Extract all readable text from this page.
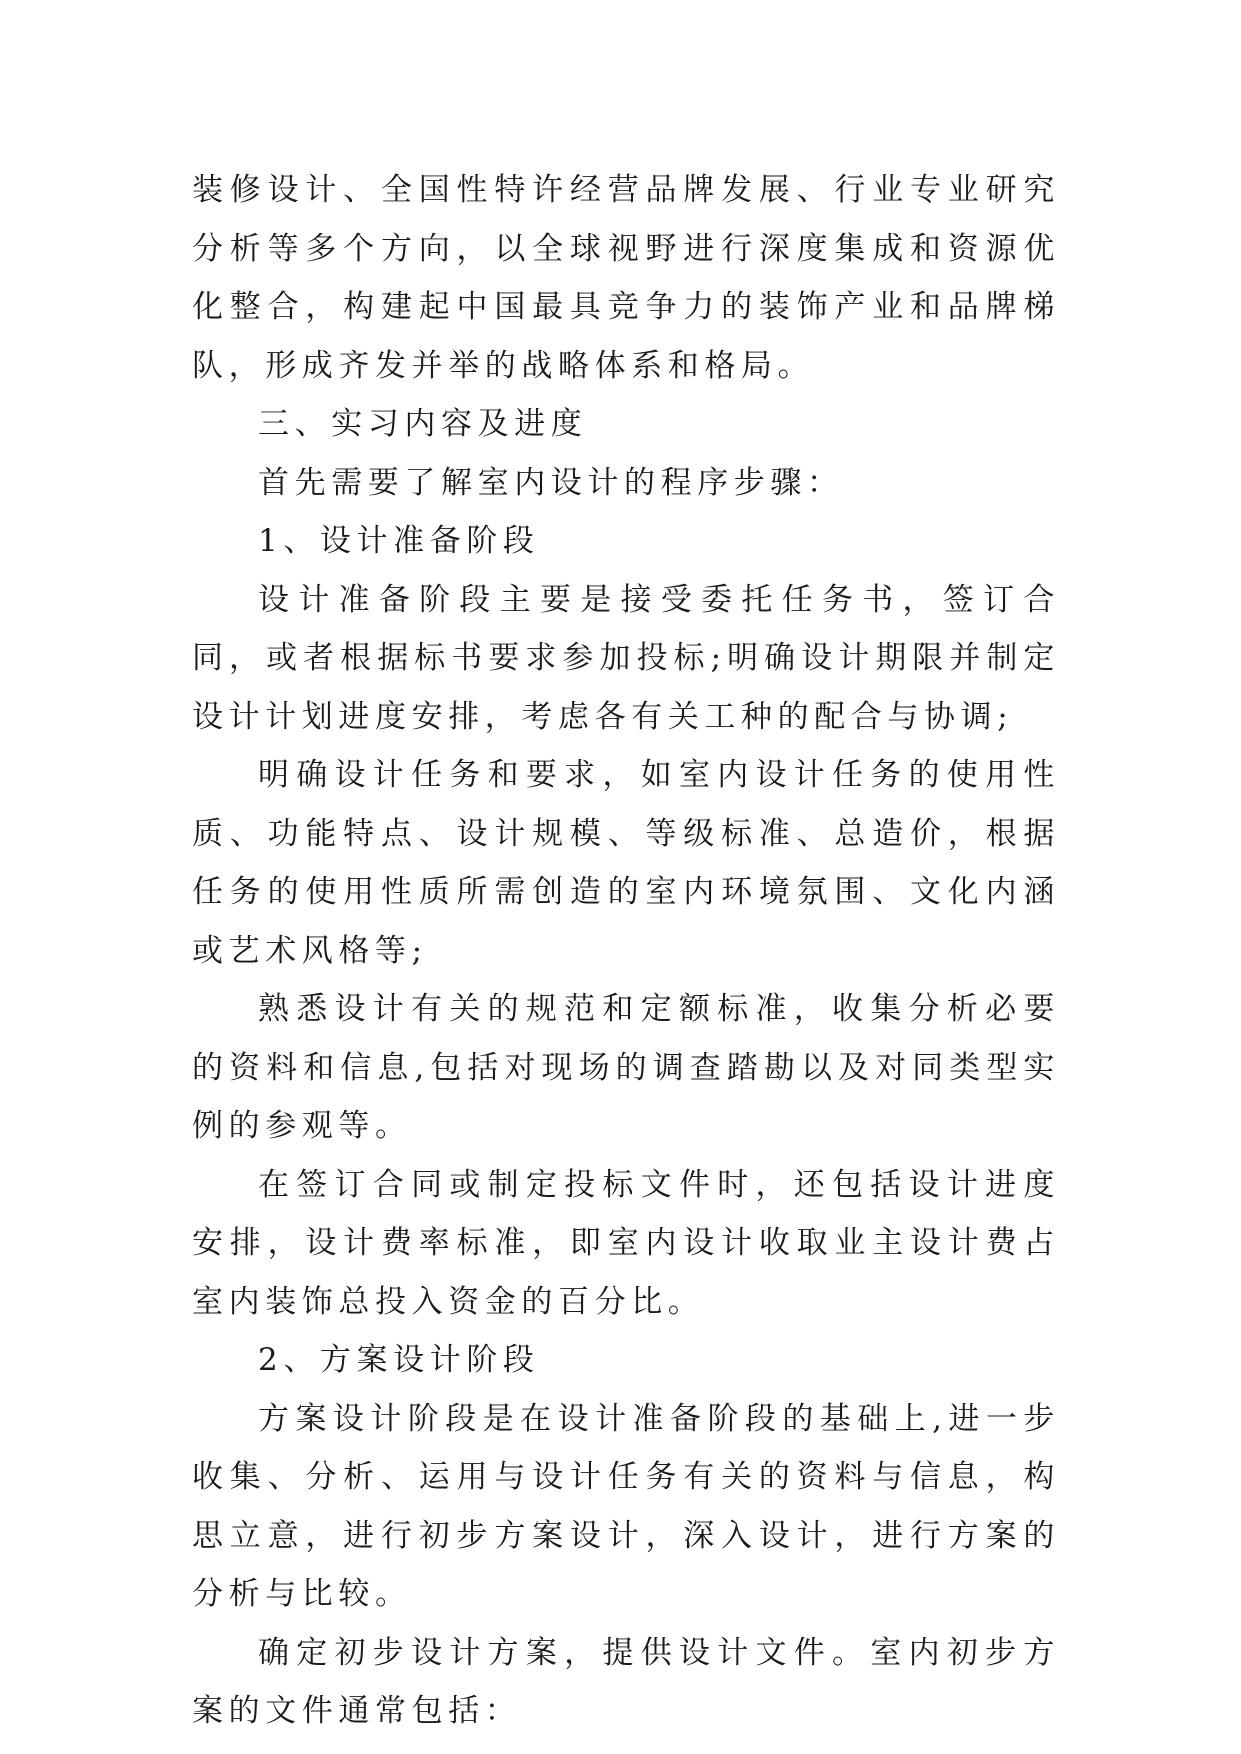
装修设计、全国性特许经营品牌发展、行业专业研究分析等多个方向，以全球视野进行深度集成和资源优化整合，构建起中国最具竞争力的装饰产业和品牌梯队，形成齐发并举的战略体系和格局。

三、实习内容及进度

首先需要了解室内设计的程序步骤：

1、设计准备阶段

设计准备阶段主要是接受委托任务书，签订合同，或者根据标书要求参加投标;明确设计期限并制定设计计划进度安排，考虑各有关工种的配合与协调;

明确设计任务和要求，如室内设计任务的使用性质、功能特点、设计规模、等级标准、总造价，根据任务的使用性质所需创造的室内环境氛围、文化内涵或艺术风格等;

熟悉设计有关的规范和定额标准，收集分析必要的资料和信息,包括对现场的调查踏勘以及对同类型实例的参观等。

在签订合同或制定投标文件时，还包括设计进度安排，设计费率标准，即室内设计收取业主设计费占室内装饰总投入资金的百分比。

2、方案设计阶段

方案设计阶段是在设计准备阶段的基础上,进一步收集、分析、运用与设计任务有关的资料与信息，构思立意，进行初步方案设计，深入设计，进行方案的分析与比较。

确定初步设计方案，提供设计文件。室内初步方案的文件通常包括：
